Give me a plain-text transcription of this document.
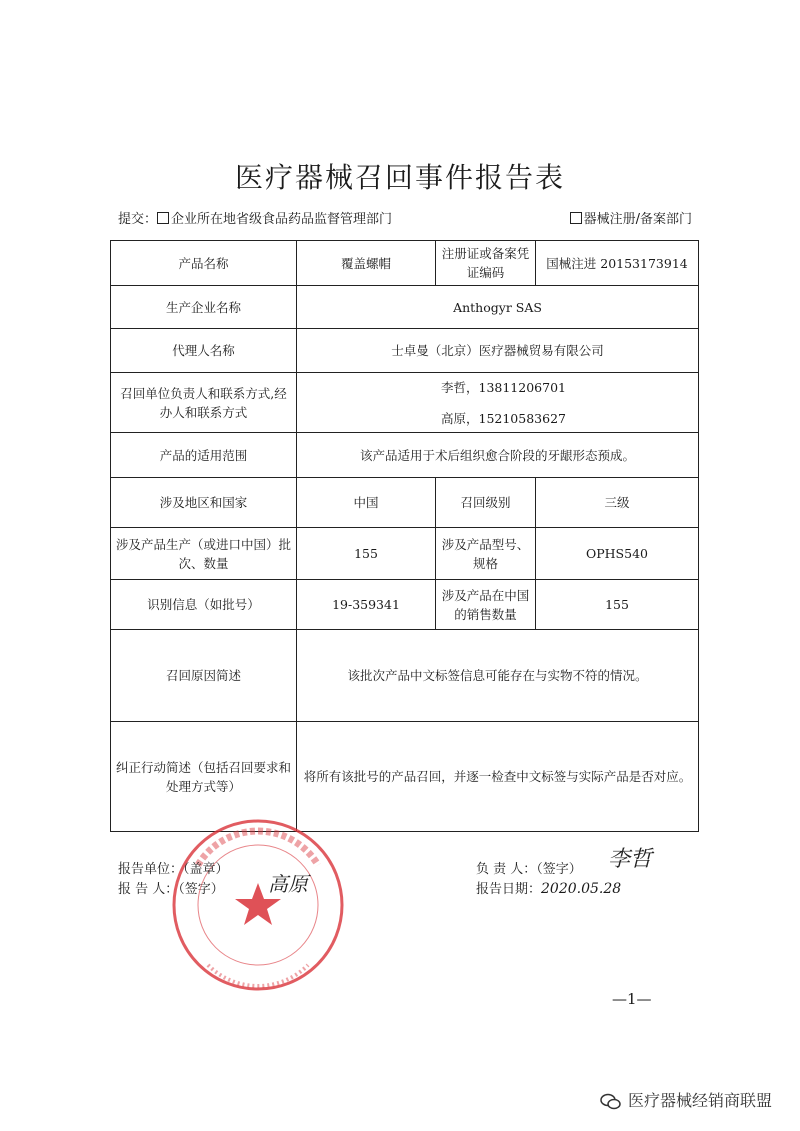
医疗器械召回事件报告表
提交： 企业所在地省级食品药品监督管理部门	器械注册/备案部门
产品名称	覆盖螺帽	注册证或备案凭证编码	国械注进 20153173914
生产企业名称	Anthogyr SAS		
代理人名称	士卓曼（北京）医疗器械贸易有限公司		
召回单位负责人和联系方式,经办人和联系方式	李哲，13811206701
高原，15210583627		

产品的适用范围	该产品适用于术后组织愈合阶段的牙龈形态预成。		
涉及地区和国家	中国	召回级别	三级
涉及产品生产（或进口中国）批次、数量	155	涉及产品型号、规格	OPHS540
识别信息（如批号）	19-359341	涉及产品在中国的销售数量	155
召回原因简述	该批次产品中文标签信息可能存在与实物不符的情况。		
纠正行动简述（包括召回要求和处理方式等）	将所有该批号的产品召回，并逐一检查中文标签与实际产品是否对应。		
报告单位：（盖章）
报 告 人：（签字） 高原
负 责 人：（签字） 李哲
报告日期：2020.05.28
—1—
医疗器械经销商联盟
